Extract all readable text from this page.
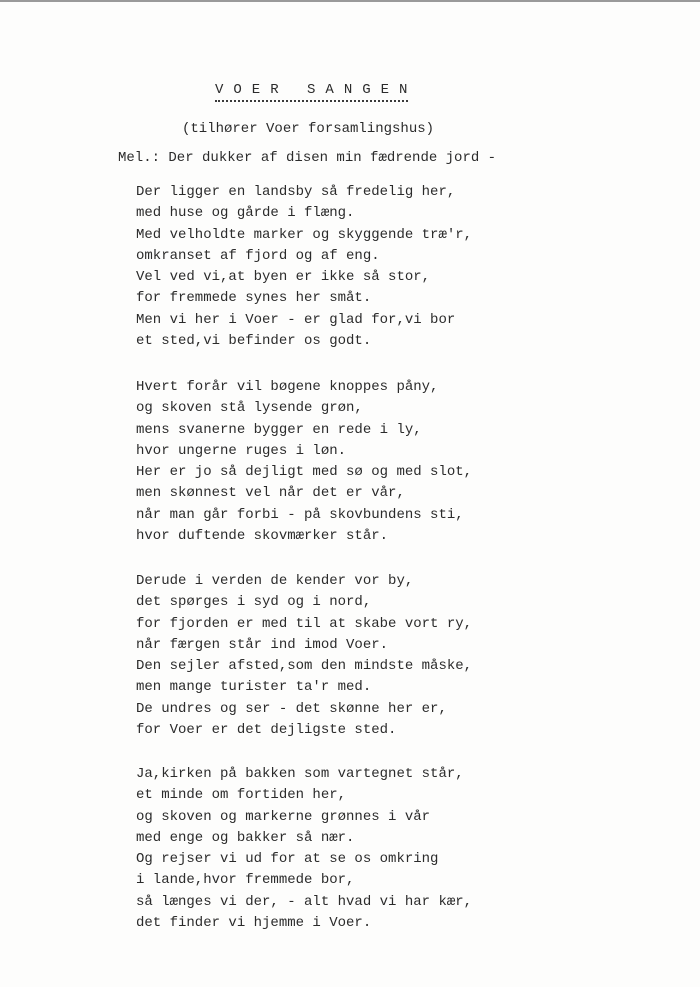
V O E R   S A N G E N
(tilhører Voer forsamlingshus)
Mel.: Der dukker af disen min fædrende jord -
Der ligger en landsby så fredelig her,
med huse og gårde i flæng.
Med velholdte marker og skyggende træ'r,
omkranset af fjord og af eng.
Vel ved vi,at byen er ikke så stor,
for fremmede synes her småt.
Men vi her i Voer - er glad for,vi bor
et sted,vi befinder os godt.
Hvert forår vil bøgene knoppes påny,
og skoven stå lysende grøn,
mens svanerne bygger en rede i ly,
hvor ungerne ruges i løn.
Her er jo så dejligt med sø og med slot,
men skønnest vel når det er vår,
når man går forbi - på skovbundens sti,
hvor duftende skovmærker står.
Derude i verden de kender vor by,
det spørges i syd og i nord,
for fjorden er med til at skabe vort ry,
når færgen står ind imod Voer.
Den sejler afsted,som den mindste måske,
men mange turister ta'r med.
De undres og ser - det skønne her er,
for Voer er det dejligste sted.
Ja,kirken på bakken som vartegnet står,
et minde om fortiden her,
og skoven og markerne grønnes i vår
med enge og bakker så nær.
Og rejser vi ud for at se os omkring
i lande,hvor fremmede bor,
så længes vi der, - alt hvad vi har kær,
det finder vi hjemme i Voer.
